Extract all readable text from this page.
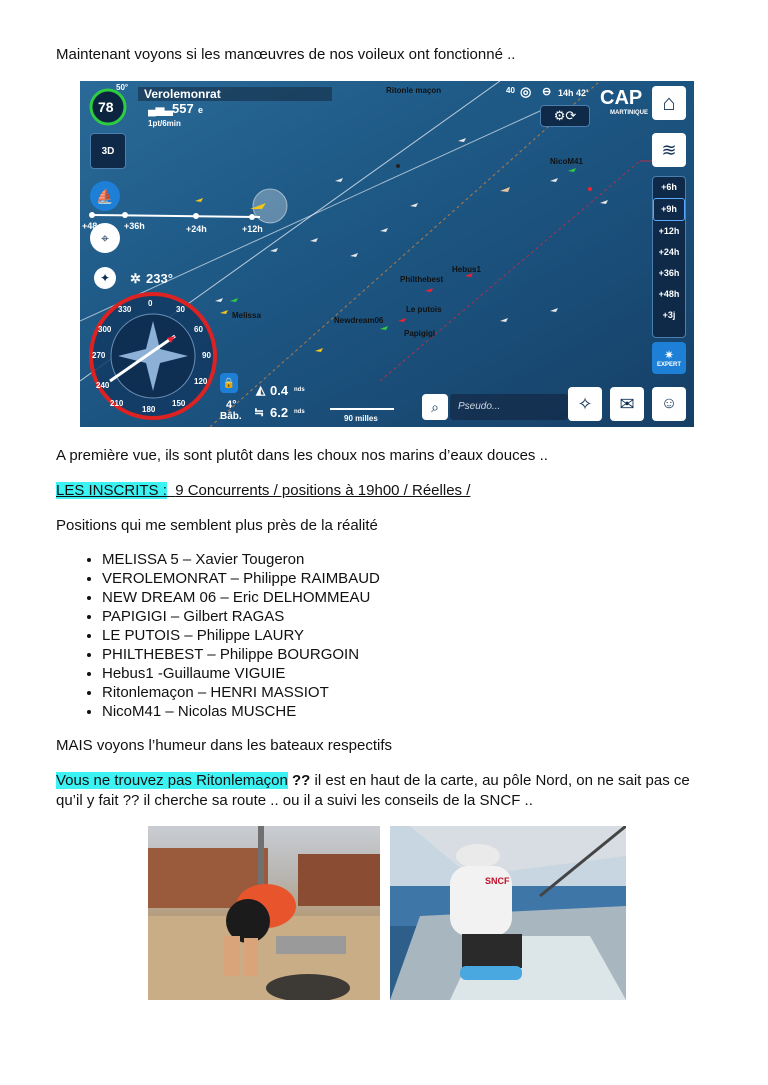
Maintenant voyons si les manœuvres de nos voileux ont fonctionné ..

78
50°	Verolemonrat
▄▅▃ 557 e
1pt/6min
40 ◎ ⊖ 14h 42' CAP
MARTINIQUE
⚙⟳
⌂
≋
3D
⛵
⌖
✦ ✲ 233°
+48	+36h	+24h	+12h
0
30
60
90
120
150
180
210
240
270
300
330
Ritonle maçon
NicoM41
Hebus1
Philthebest
Le putois
Papigigi
Newdream06
Melissa
+6h
+9h
+12h
+24h
+36h
+48h
+3j
✷
EXPERT
🔒
4°
Bâb.
◭ 0.4 nds
≒ 6.2 nds
90 milles
⌕	Pseudo...	✧ ✉ ☺

A première vue, ils sont plutôt dans les choux nos marins d’eaux douces ..

LES INSCRITS : 9 Concurrents / positions à 19h00 / Réelles /

Positions qui me semblent plus près de la réalité

• MELISSA 5 – Xavier Tougeron
• VEROLEMONRAT – Philippe RAIMBAUD
• NEW DREAM 06 – Eric DELHOMMEAU
• PAPIGIGI – Gilbert RAGAS
• LE PUTOIS – Philippe LAURY
• PHILTHEBEST – Philippe BOURGOIN
• Hebus1 -Guillaume VIGUIE
• Ritonlemaçon – HENRI MASSIOT
• NicoM41 – Nicolas MUSCHE

MAIS voyons l’humeur dans les bateaux respectifs

Vous ne trouvez pas Ritonlemaçon ?? il est en haut de la carte, au pôle Nord, on ne sait pas ce

qu’il y fait ?? il cherche sa route .. ou il a suivi les conseils de la SNCF ..

SNCF
